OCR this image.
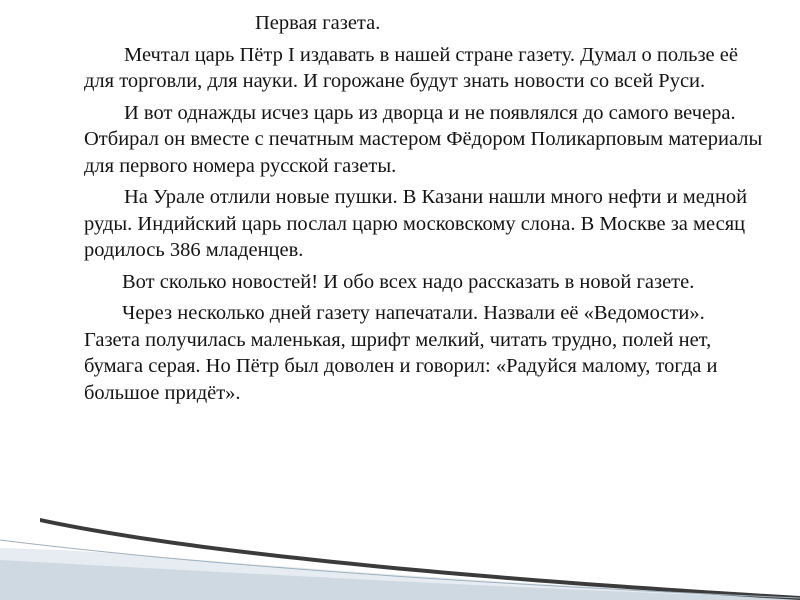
Первая газета.

Мечтал царь Пётр I издавать в нашей стране газету. Думал о пользе её для торговли, для науки. И горожане будут знать новости со всей Руси.

И вот однажды исчез царь из дворца и не появлялся до самого вечера. Отбирал он вместе с печатным мастером Фёдором Поликарповым материалы для первого номера русской газеты.

На Урале отлили новые пушки. В Казани нашли много нефти и медной руды. Индийский царь послал царю московскому слона. В Москве за месяц родилось 386 младенцев.

Вот сколько новостей! И обо всех надо рассказать в новой газете.

Через несколько дней газету напечатали. Назвали её «Ведомости». Газета получилась маленькая, шрифт мелкий, читать трудно, полей нет, бумага серая. Но Пётр был доволен и говорил: «Радуйся малому, тогда и большое придёт».
